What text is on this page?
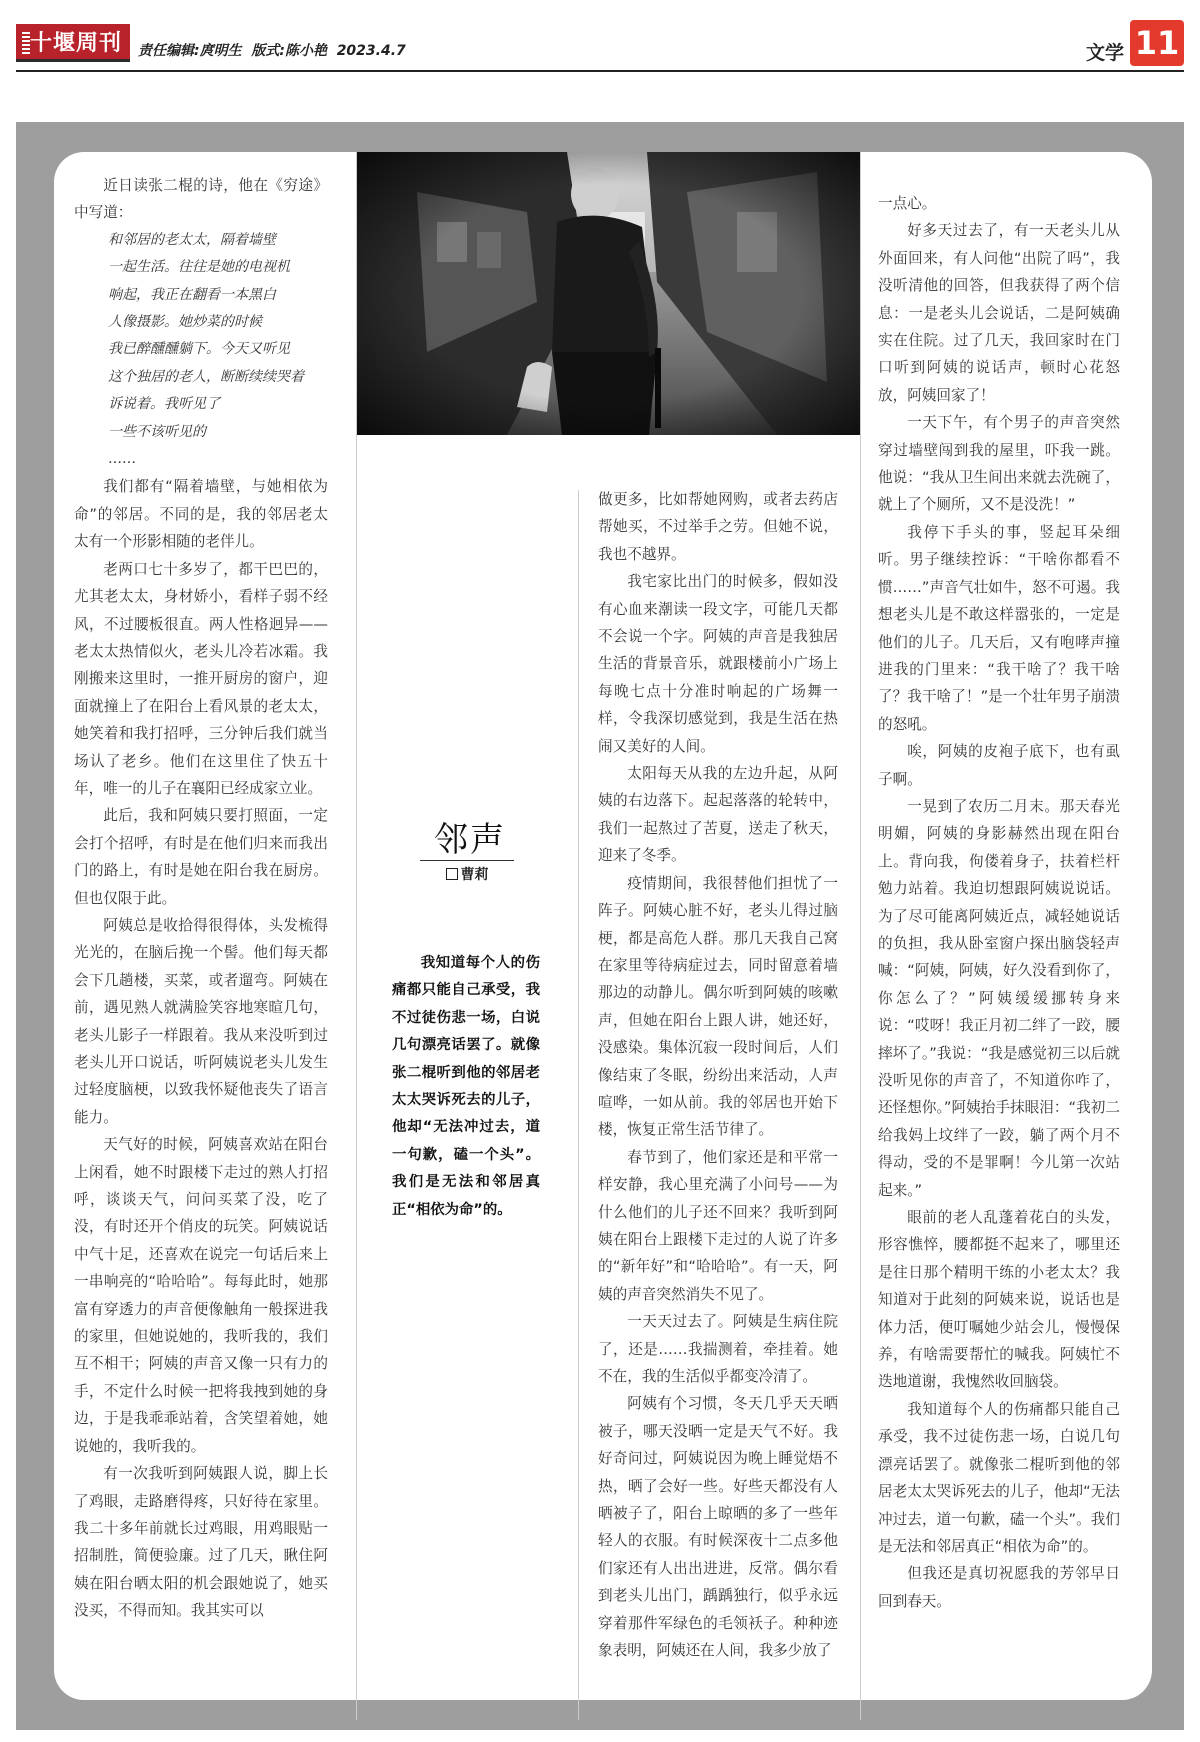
十堰周刊 责任编辑:庹明生  版式:陈小艳  2023.4.7	文学 11

近日读张二棍的诗，他在《穷途》中写道：

和邻居的老太太，隔着墙壁
一起生活。往往是她的电视机
响起，我正在翻看一本黑白
人像摄影。她炒菜的时候
我已醉醺醺躺下。今天又听见
这个独居的老人，断断续续哭着
诉说着。我听见了
一些不该听见的
……

我们都有“隔着墙壁，与她相依为命”的邻居。不同的是，我的邻居老太太有一个形影相随的老伴儿。

老两口七十多岁了，都干巴巴的，尤其老太太，身材娇小，看样子弱不经风，不过腰板很直。两人性格迥异——老太太热情似火，老头儿冷若冰霜。我刚搬来这里时，一推开厨房的窗户，迎面就撞上了在阳台上看风景的老太太，她笑着和我打招呼，三分钟后我们就当场认了老乡。他们在这里住了快五十年，唯一的儿子在襄阳已经成家立业。

此后，我和阿姨只要打照面，一定会打个招呼，有时是在他们归来而我出门的路上，有时是她在阳台我在厨房。但也仅限于此。

阿姨总是收拾得很得体，头发梳得光光的，在脑后挽一个髻。他们每天都会下几趟楼，买菜，或者遛弯。阿姨在前，遇见熟人就满脸笑容地寒暄几句，老头儿影子一样跟着。我从来没听到过老头儿开口说话，听阿姨说老头儿发生过轻度脑梗，以致我怀疑他丧失了语言能力。

天气好的时候，阿姨喜欢站在阳台上闲看，她不时跟楼下走过的熟人打招呼，谈谈天气，问问买菜了没，吃了没，有时还开个俏皮的玩笑。阿姨说话中气十足，还喜欢在说完一句话后来上一串响亮的“哈哈哈”。每每此时，她那富有穿透力的声音便像触角一般探进我的家里，但她说她的，我听我的，我们互不相干；阿姨的声音又像一只有力的手，不定什么时候一把将我拽到她的身边，于是我乖乖站着，含笑望着她，她说她的，我听我的。

有一次我听到阿姨跟人说，脚上长了鸡眼，走路磨得疼，只好待在家里。我二十多年前就长过鸡眼，用鸡眼贴一招制胜，简便验廉。过了几天，瞅住阿姨在阳台晒太阳的机会跟她说了，她买没买，不得而知。我其实可以

邻声
曹莉

我知道每个人的伤痛都只能自己承受，我不过徒伤悲一场，白说几句漂亮话罢了。就像张二棍听到他的邻居老太太哭诉死去的儿子，他却“无法冲过去，道一句歉，磕一个头”。我们是无法和邻居真正“相依为命”的。

做更多，比如帮她网购，或者去药店帮她买，不过举手之劳。但她不说，我也不越界。

我宅家比出门的时候多，假如没有心血来潮读一段文字，可能几天都不会说一个字。阿姨的声音是我独居生活的背景音乐，就跟楼前小广场上每晚七点十分准时响起的广场舞一样，令我深切感觉到，我是生活在热闹又美好的人间。

太阳每天从我的左边升起，从阿姨的右边落下。起起落落的轮转中，我们一起熬过了苦夏，送走了秋天，迎来了冬季。

疫情期间，我很替他们担忧了一阵子。阿姨心脏不好，老头儿得过脑梗，都是高危人群。那几天我自己窝在家里等待病症过去，同时留意着墙那边的动静儿。偶尔听到阿姨的咳嗽声，但她在阳台上跟人讲，她还好，没感染。集体沉寂一段时间后，人们像结束了冬眠，纷纷出来活动，人声喧哗，一如从前。我的邻居也开始下楼，恢复正常生活节律了。

春节到了，他们家还是和平常一样安静，我心里充满了小问号——为什么他们的儿子还不回来？我听到阿姨在阳台上跟楼下走过的人说了许多的“新年好”和“哈哈哈”。有一天，阿姨的声音突然消失不见了。

一天天过去了。阿姨是生病住院了，还是……我揣测着，牵挂着。她不在，我的生活似乎都变冷清了。

阿姨有个习惯，冬天几乎天天晒被子，哪天没晒一定是天气不好。我好奇问过，阿姨说因为晚上睡觉焐不热，晒了会好一些。好些天都没有人晒被子了，阳台上晾晒的多了一些年轻人的衣服。有时候深夜十二点多他们家还有人出出进进，反常。偶尔看到老头儿出门，踽踽独行，似乎永远穿着那件军绿色的毛领袄子。种种迹象表明，阿姨还在人间，我多少放了

一点心。

好多天过去了，有一天老头儿从外面回来，有人问他“出院了吗”，我没听清他的回答，但我获得了两个信息：一是老头儿会说话，二是阿姨确实在住院。过了几天，我回家时在门口听到阿姨的说话声，顿时心花怒放，阿姨回家了！

一天下午，有个男子的声音突然穿过墙壁闯到我的屋里，吓我一跳。他说：“我从卫生间出来就去洗碗了，就上了个厕所，又不是没洗！”

我停下手头的事，竖起耳朵细听。男子继续控诉：“干啥你都看不惯……”声音气壮如牛，怒不可遏。我想老头儿是不敢这样嚣张的，一定是他们的儿子。几天后，又有咆哮声撞进我的门里来：“我干啥了？我干啥了？我干啥了！”是一个壮年男子崩溃的怒吼。

唉，阿姨的皮袍子底下，也有虱子啊。

一晃到了农历二月末。那天春光明媚，阿姨的身影赫然出现在阳台上。背向我，佝偻着身子，扶着栏杆勉力站着。我迫切想跟阿姨说说话。为了尽可能离阿姨近点，减轻她说话的负担，我从卧室窗户探出脑袋轻声喊：“阿姨，阿姨，好久没看到你了，你怎么了？”阿姨缓缓挪转身来说：“哎呀！我正月初二绊了一跤，腰摔坏了。”我说：“我是感觉初三以后就没听见你的声音了，不知道你咋了，还怪想你。”阿姨抬手抹眼泪：“我初二给我妈上坟绊了一跤，躺了两个月不得动，受的不是罪啊！今儿第一次站起来。”

眼前的老人乱蓬着花白的头发，形容憔悴，腰都挺不起来了，哪里还是往日那个精明干练的小老太太？我知道对于此刻的阿姨来说，说话也是体力活，便叮嘱她少站会儿，慢慢保养，有啥需要帮忙的喊我。阿姨忙不迭地道谢，我愧然收回脑袋。

我知道每个人的伤痛都只能自己承受，我不过徒伤悲一场，白说几句漂亮话罢了。就像张二棍听到他的邻居老太太哭诉死去的儿子，他却“无法冲过去，道一句歉，磕一个头”。我们是无法和邻居真正“相依为命”的。

但我还是真切祝愿我的芳邻早日回到春天。
